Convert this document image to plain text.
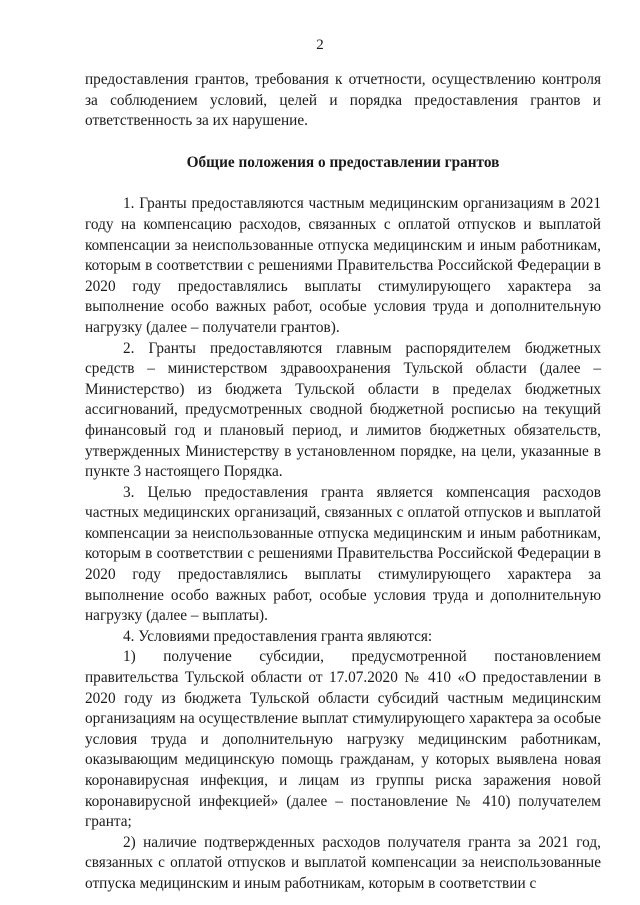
2

предоставления грантов, требования к отчетности, осуществлению контроля за соблюдением условий, целей и порядка предоставления грантов и ответственность за их нарушение.

Общие положения о предоставлении грантов

1. Гранты предоставляются частным медицинским организациям в 2021 году на компенсацию расходов, связанных с оплатой отпусков и выплатой компенсации за неиспользованные отпуска медицинским и иным работникам, которым в соответствии с решениями Правительства Российской Федерации в 2020 году предоставлялись выплаты стимулирующего характера за выполнение особо важных работ, особые условия труда и дополнительную нагрузку (далее – получатели грантов).

2. Гранты предоставляются главным распорядителем бюджетных средств – министерством здравоохранения Тульской области (далее – Министерство) из бюджета Тульской области в пределах бюджетных ассигнований, предусмотренных сводной бюджетной росписью на текущий финансовый год и плановый период, и лимитов бюджетных обязательств, утвержденных Министерству в установленном порядке, на цели, указанные в пункте 3 настоящего Порядка.

3. Целью предоставления гранта является компенсация расходов частных медицинских организаций, связанных с оплатой отпусков и выплатой компенсации за неиспользованные отпуска медицинским и иным работникам, которым в соответствии с решениями Правительства Российской Федерации в 2020 году предоставлялись выплаты стимулирующего характера за выполнение особо важных работ, особые условия труда и дополнительную нагрузку (далее – выплаты).

4. Условиями предоставления гранта являются:

1) получение субсидии, предусмотренной постановлением правительства Тульской области от 17.07.2020 № 410 «О предоставлении в 2020 году из бюджета Тульской области субсидий частным медицинским организациям на осуществление выплат стимулирующего характера за особые условия труда и дополнительную нагрузку медицинским работникам, оказывающим медицинскую помощь гражданам, у которых выявлена новая коронавирусная инфекция, и лицам из группы риска заражения новой коронавирусной инфекцией» (далее – постановление № 410) получателем гранта;

2) наличие подтвержденных расходов получателя гранта за 2021 год, связанных с оплатой отпусков и выплатой компенсации за неиспользованные отпуска медицинским и иным работникам, которым в соответствии с
